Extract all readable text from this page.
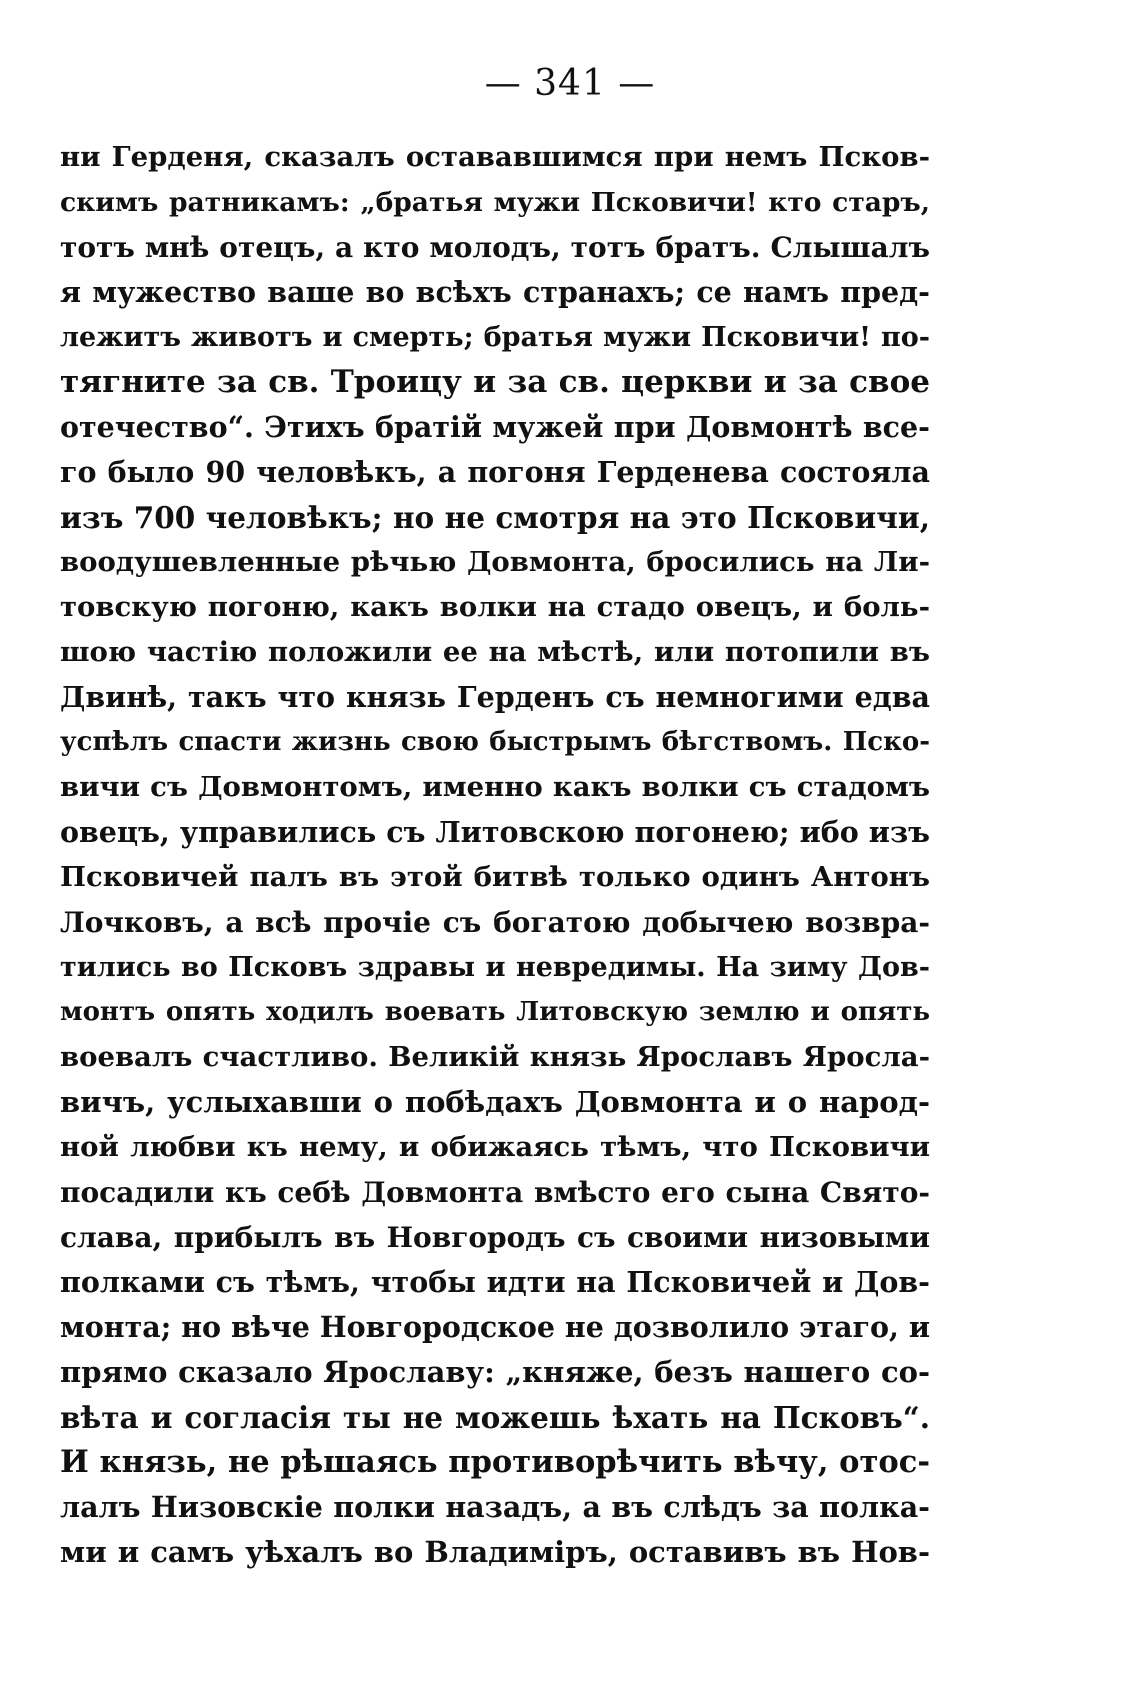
— 341 —
ни Герденя, сказалъ остававшимся при немъ Псков-
скимъ ратникамъ: „братья мужи Псковичи! кто старъ,
тотъ мнѣ отецъ, а кто молодъ, тотъ братъ. Слышалъ
я мужество ваше во всѣхъ странахъ; се намъ пред-
лежитъ животъ и смерть; братья мужи Псковичи! по-
тягните за св. Троицу и за св. церкви и за свое
отечество“. Этихъ братій мужей при Довмонтѣ все-
го было 90 человѣкъ, а погоня Герденева состояла
изъ 700 человѣкъ; но не смотря на это Псковичи,
воодушевленные рѣчью Довмонта, бросились на Ли-
товскую погоню, какъ волки на стадо овецъ, и боль-
шою частію положили ее на мѣстѣ, или потопили въ
Двинѣ, такъ что князь Герденъ съ немногими едва
успѣлъ спасти жизнь свою быстрымъ бѣгствомъ. Пско-
вичи съ Довмонтомъ, именно какъ волки съ стадомъ
овецъ, управились съ Литовскою погонею; ибо изъ
Псковичей палъ въ этой битвѣ только одинъ Антонъ
Лочковъ, а всѣ прочіе съ богатою добычею возвра-
тились во Псковъ здравы и невредимы. На зиму Дов-
монтъ опять ходилъ воевать Литовскую землю и опять
воевалъ счастливо. Великій князь Ярославъ Яросла-
вичъ, услыхавши о побѣдахъ Довмонта и о народ-
ной любви къ нему, и обижаясь тѣмъ, что Псковичи
посадили къ себѣ Довмонта вмѣсто его сына Свято-
слава, прибылъ въ Новгородъ съ своими низовыми
полками съ тѣмъ, чтобы идти на Псковичей и Дов-
монта; но вѣче Новгородское не дозволило этаго, и
прямо сказало Ярославу: „княже, безъ нашего со-
вѣта и согласія ты не можешь ѣхать на Псковъ“.
И князь, не рѣшаясь противорѣчить вѣчу, отос-
лалъ Низовскіе полки назадъ, а въ слѣдъ за полка-
ми и самъ уѣхалъ во Владиміръ, оставивъ въ Нов-
